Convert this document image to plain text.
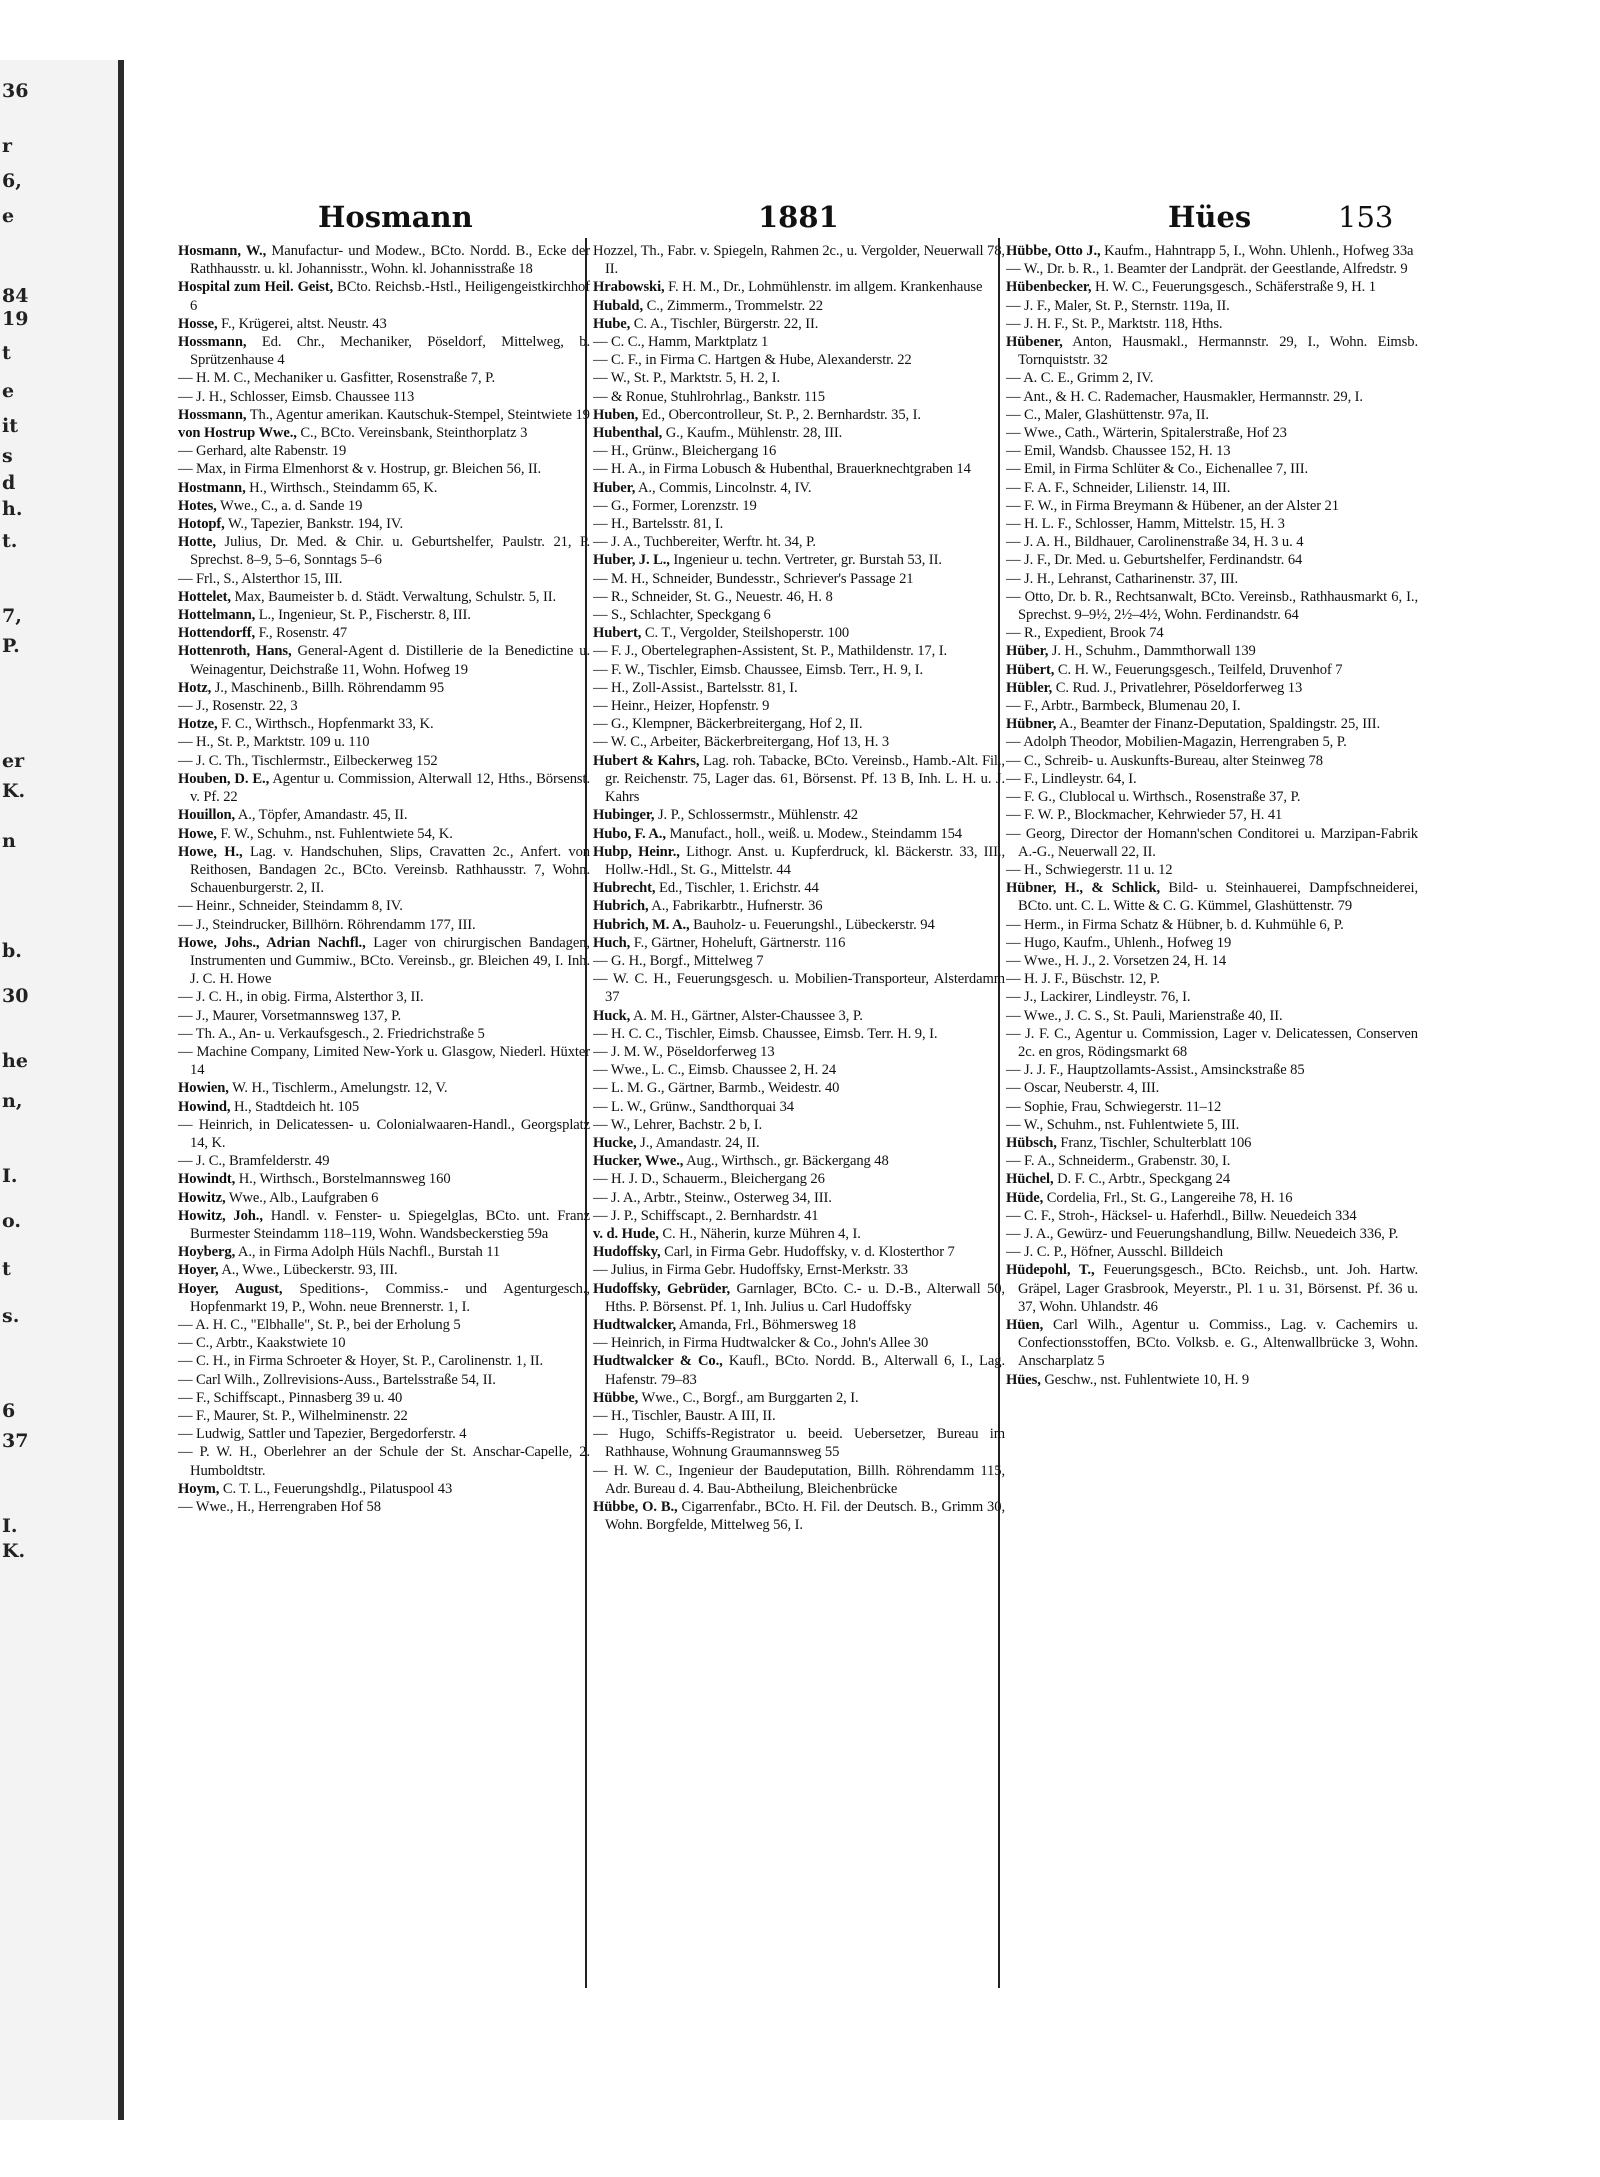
36
r
6,
e
84
19
t
e
it
s
d
h.
t.
7,
P.
er
K.
n
b.
30
he
n,
I.
o.
t
s.
6
37
I.
K.
Hosmann	1881	Hües	153

Hosmann, W., Manufactur- und Modew., BCto. Nordd. B., Ecke der Rathhausstr. u. kl. Johannisstr., Wohn. kl. Johannisstraße 18

Hospital zum Heil. Geist, BCto. Reichsb.-Hstl., Heiligengeistkirchhof 6

Hosse, F., Krügerei, altst. Neustr. 43

Hossmann, Ed. Chr., Mechaniker, Pöseldorf, Mittelweg, b. Sprützenhause 4

— H. M. C., Mechaniker u. Gasfitter, Rosenstraße 7, P.

— J. H., Schlosser, Eimsb. Chaussee 113

Hossmann, Th., Agentur amerikan. Kautschuk-Stempel, Steintwiete 19

von Hostrup Wwe., C., BCto. Vereinsbank, Steinthorplatz 3

— Gerhard, alte Rabenstr. 19

— Max, in Firma Elmenhorst & v. Hostrup, gr. Bleichen 56, II.

Hostmann, H., Wirthsch., Steindamm 65, K.

Hotes, Wwe., C., a. d. Sande 19

Hotopf, W., Tapezier, Bankstr. 194, IV.

Hotte, Julius, Dr. Med. & Chir. u. Geburtshelfer, Paulstr. 21, P. Sprechst. 8–9, 5–6, Sonntags 5–6

— Frl., S., Alsterthor 15, III.

Hottelet, Max, Baumeister b. d. Städt. Verwaltung, Schulstr. 5, II.

Hottelmann, L., Ingenieur, St. P., Fischerstr. 8, III.

Hottendorff, F., Rosenstr. 47

Hottenroth, Hans, General-Agent d. Distillerie de la Benedictine u. Weinagentur, Deichstraße 11, Wohn. Hofweg 19

Hotz, J., Maschinenb., Billh. Röhrendamm 95

— J., Rosenstr. 22, 3

Hotze, F. C., Wirthsch., Hopfenmarkt 33, K.

— H., St. P., Marktstr. 109 u. 110

— J. C. Th., Tischlermstr., Eilbeckerweg 152

Houben, D. E., Agentur u. Commission, Alterwall 12, Hths., Börsenst. v. Pf. 22

Houillon, A., Töpfer, Amandastr. 45, II.

Howe, F. W., Schuhm., nst. Fuhlentwiete 54, K.

Howe, H., Lag. v. Handschuhen, Slips, Cravatten 2c., Anfert. von Reithosen, Bandagen 2c., BCto. Vereinsb. Rathhausstr. 7, Wohn. Schauenburgerstr. 2, II.

— Heinr., Schneider, Steindamm 8, IV.

— J., Steindrucker, Billhörn. Röhrendamm 177, III.

Howe, Johs., Adrian Nachfl., Lager von chirurgischen Bandagen, Instrumenten und Gummiw., BCto. Vereinsb., gr. Bleichen 49, I. Inh. J. C. H. Howe

— J. C. H., in obig. Firma, Alsterthor 3, II.

— J., Maurer, Vorsetmannsweg 137, P.

— Th. A., An- u. Verkaufsgesch., 2. Friedrichstraße 5

— Machine Company, Limited New-York u. Glasgow, Niederl. Hüxter 14

Howien, W. H., Tischlerm., Amelungstr. 12, V.

Howind, H., Stadtdeich ht. 105

— Heinrich, in Delicatessen- u. Colonialwaaren-Handl., Georgsplatz 14, K.

— J. C., Bramfelderstr. 49

Howindt, H., Wirthsch., Borstelmannsweg 160

Howitz, Wwe., Alb., Laufgraben 6

Howitz, Joh., Handl. v. Fenster- u. Spiegelglas, BCto. unt. Franz Burmester Steindamm 118–119, Wohn. Wandsbeckerstieg 59a

Hoyberg, A., in Firma Adolph Hüls Nachfl., Burstah 11

Hoyer, A., Wwe., Lübeckerstr. 93, III.

Hoyer, August, Speditions-, Commiss.- und Agenturgesch., Hopfenmarkt 19, P., Wohn. neue Brennerstr. 1, I.

— A. H. C., "Elbhalle", St. P., bei der Erholung 5

— C., Arbtr., Kaakstwiete 10

— C. H., in Firma Schroeter & Hoyer, St. P., Carolinenstr. 1, II.

— Carl Wilh., Zollrevisions-Auss., Bartelsstraße 54, II.

— F., Schiffscapt., Pinnasberg 39 u. 40

— F., Maurer, St. P., Wilhelminenstr. 22

— Ludwig, Sattler und Tapezier, Bergedorferstr. 4

— P. W. H., Oberlehrer an der Schule der St. Anschar-Capelle, 2. Humboldtstr.

Hoym, C. T. L., Feuerungshdlg., Pilatuspool 43

— Wwe., H., Herrengraben Hof 58

Hozzel, Th., Fabr. v. Spiegeln, Rahmen 2c., u. Vergolder, Neuerwall 78, II.

Hrabowski, F. H. M., Dr., Lohmühlenstr. im allgem. Krankenhause

Hubald, C., Zimmerm., Trommelstr. 22

Hube, C. A., Tischler, Bürgerstr. 22, II.

— C. C., Hamm, Marktplatz 1

— C. F., in Firma C. Hartgen & Hube, Alexanderstr. 22

— W., St. P., Marktstr. 5, H. 2, I.

— & Ronue, Stuhlrohrlag., Bankstr. 115

Huben, Ed., Obercontrolleur, St. P., 2. Bernhardstr. 35, I.

Hubenthal, G., Kaufm., Mühlenstr. 28, III.

— H., Grünw., Bleichergang 16

— H. A., in Firma Lobusch & Hubenthal, Brauerknechtgraben 14

Huber, A., Commis, Lincolnstr. 4, IV.

— G., Former, Lorenzstr. 19

— H., Bartelsstr. 81, I.

— J. A., Tuchbereiter, Werftr. ht. 34, P.

Huber, J. L., Ingenieur u. techn. Vertreter, gr. Burstah 53, II.

— M. H., Schneider, Bundesstr., Schriever's Passage 21

— R., Schneider, St. G., Neuestr. 46, H. 8

— S., Schlachter, Speckgang 6

Hubert, C. T., Vergolder, Steilshoperstr. 100

— F. J., Obertelegraphen-Assistent, St. P., Mathildenstr. 17, I.

— F. W., Tischler, Eimsb. Chaussee, Eimsb. Terr., H. 9, I.

— H., Zoll-Assist., Bartelsstr. 81, I.

— Heinr., Heizer, Hopfenstr. 9

— G., Klempner, Bäckerbreitergang, Hof 2, II.

— W. C., Arbeiter, Bäckerbreitergang, Hof 13, H. 3

Hubert & Kahrs, Lag. roh. Tabacke, BCto. Vereinsb., Hamb.-Alt. Fil., gr. Reichenstr. 75, Lager das. 61, Börsenst. Pf. 13 B, Inh. L. H. u. J. Kahrs

Hubinger, J. P., Schlossermstr., Mühlenstr. 42

Hubo, F. A., Manufact., holl., weiß. u. Modew., Steindamm 154

Hubp, Heinr., Lithogr. Anst. u. Kupferdruck, kl. Bäckerstr. 33, III., Hollw.-Hdl., St. G., Mittelstr. 44

Hubrecht, Ed., Tischler, 1. Erichstr. 44

Hubrich, A., Fabrikarbtr., Hufnerstr. 36

Hubrich, M. A., Bauholz- u. Feuerungshl., Lübeckerstr. 94

Huch, F., Gärtner, Hoheluft, Gärtnerstr. 116

— G. H., Borgf., Mittelweg 7

— W. C. H., Feuerungsgesch. u. Mobilien-Transporteur, Alsterdamm 37

Huck, A. M. H., Gärtner, Alster-Chaussee 3, P.

— H. C. C., Tischler, Eimsb. Chaussee, Eimsb. Terr. H. 9, I.

— J. M. W., Pöseldorferweg 13

— Wwe., L. C., Eimsb. Chaussee 2, H. 24

— L. M. G., Gärtner, Barmb., Weidestr. 40

— L. W., Grünw., Sandthorquai 34

— W., Lehrer, Bachstr. 2 b, I.

Hucke, J., Amandastr. 24, II.

Hucker, Wwe., Aug., Wirthsch., gr. Bäckergang 48

— H. J. D., Schauerm., Bleichergang 26

— J. A., Arbtr., Steinw., Osterweg 34, III.

— J. P., Schiffscapt., 2. Bernhardstr. 41

v. d. Hude, C. H., Näherin, kurze Mühren 4, I.

Hudoffsky, Carl, in Firma Gebr. Hudoffsky, v. d. Klosterthor 7

— Julius, in Firma Gebr. Hudoffsky, Ernst-Merkstr. 33

Hudoffsky, Gebrüder, Garnlager, BCto. C.- u. D.-B., Alterwall 50, Hths. P. Börsenst. Pf. 1, Inh. Julius u. Carl Hudoffsky

Hudtwalcker, Amanda, Frl., Böhmersweg 18

— Heinrich, in Firma Hudtwalcker & Co., John's Allee 30

Hudtwalcker & Co., Kaufl., BCto. Nordd. B., Alterwall 6, I., Lag. Hafenstr. 79–83

Hübbe, Wwe., C., Borgf., am Burggarten 2, I.

— H., Tischler, Baustr. A III, II.

— Hugo, Schiffs-Registrator u. beeid. Uebersetzer, Bureau im Rathhause, Wohnung Graumannsweg 55

— H. W. C., Ingenieur der Baudeputation, Billh. Röhrendamm 115, Adr. Bureau d. 4. Bau-Abtheilung, Bleichenbrücke

Hübbe, O. B., Cigarrenfabr., BCto. H. Fil. der Deutsch. B., Grimm 30, Wohn. Borgfelde, Mittelweg 56, I.

Hübbe, Otto J., Kaufm., Hahntrapp 5, I., Wohn. Uhlenh., Hofweg 33a

— W., Dr. b. R., 1. Beamter der Landprät. der Geestlande, Alfredstr. 9

Hübenbecker, H. W. C., Feuerungsgesch., Schäferstraße 9, H. 1

— J. F., Maler, St. P., Sternstr. 119a, II.

— J. H. F., St. P., Marktstr. 118, Hths.

Hübener, Anton, Hausmakl., Hermannstr. 29, I., Wohn. Eimsb. Tornquiststr. 32

— A. C. E., Grimm 2, IV.

— Ant., & H. C. Rademacher, Hausmakler, Hermannstr. 29, I.

— C., Maler, Glashüttenstr. 97a, II.

— Wwe., Cath., Wärterin, Spitalerstraße, Hof 23

— Emil, Wandsb. Chaussee 152, H. 13

— Emil, in Firma Schlüter & Co., Eichenallee 7, III.

— F. A. F., Schneider, Lilienstr. 14, III.

— F. W., in Firma Breymann & Hübener, an der Alster 21

— H. L. F., Schlosser, Hamm, Mittelstr. 15, H. 3

— J. A. H., Bildhauer, Carolinenstraße 34, H. 3 u. 4

— J. F., Dr. Med. u. Geburtshelfer, Ferdinandstr. 64

— J. H., Lehranst, Catharinenstr. 37, III.

— Otto, Dr. b. R., Rechtsanwalt, BCto. Vereinsb., Rathhausmarkt 6, I., Sprechst. 9–9½, 2½–4½, Wohn. Ferdinandstr. 64

— R., Expedient, Brook 74

Hüber, J. H., Schuhm., Dammthorwall 139

Hübert, C. H. W., Feuerungsgesch., Teilfeld, Druvenhof 7

Hübler, C. Rud. J., Privatlehrer, Pöseldorferweg 13

— F., Arbtr., Barmbeck, Blumenau 20, I.

Hübner, A., Beamter der Finanz-Deputation, Spaldingstr. 25, III.

— Adolph Theodor, Mobilien-Magazin, Herrengraben 5, P.

— C., Schreib- u. Auskunfts-Bureau, alter Steinweg 78

— F., Lindleystr. 64, I.

— F. G., Clublocal u. Wirthsch., Rosenstraße 37, P.

— F. W. P., Blockmacher, Kehrwieder 57, H. 41

— Georg, Director der Homann'schen Conditorei u. Marzipan-Fabrik A.-G., Neuerwall 22, II.

— H., Schwiegerstr. 11 u. 12

Hübner, H., & Schlick, Bild- u. Steinhauerei, Dampfschneiderei, BCto. unt. C. L. Witte & C. G. Kümmel, Glashüttenstr. 79

— Herm., in Firma Schatz & Hübner, b. d. Kuhmühle 6, P.

— Hugo, Kaufm., Uhlenh., Hofweg 19

— Wwe., H. J., 2. Vorsetzen 24, H. 14

— H. J. F., Büschstr. 12, P.

— J., Lackirer, Lindleystr. 76, I.

— Wwe., J. C. S., St. Pauli, Marienstraße 40, II.

— J. F. C., Agentur u. Commission, Lager v. Delicatessen, Conserven 2c. en gros, Rödingsmarkt 68

— J. J. F., Hauptzollamts-Assist., Amsinckstraße 85

— Oscar, Neuberstr. 4, III.

— Sophie, Frau, Schwiegerstr. 11–12

— W., Schuhm., nst. Fuhlentwiete 5, III.

Hübsch, Franz, Tischler, Schulterblatt 106

— F. A., Schneiderm., Grabenstr. 30, I.

Hüchel, D. F. C., Arbtr., Speckgang 24

Hüde, Cordelia, Frl., St. G., Langereihe 78, H. 16

— C. F., Stroh-, Häcksel- u. Haferhdl., Billw. Neuedeich 334

— J. A., Gewürz- und Feuerungshandlung, Billw. Neuedeich 336, P.

— J. C. P., Höfner, Ausschl. Billdeich

Hüdepohl, T., Feuerungsgesch., BCto. Reichsb., unt. Joh. Hartw. Gräpel, Lager Grasbrook, Meyerstr., Pl. 1 u. 31, Börsenst. Pf. 36 u. 37, Wohn. Uhlandstr. 46

Hüen, Carl Wilh., Agentur u. Commiss., Lag. v. Cachemirs u. Confectionsstoffen, BCto. Volksb. e. G., Altenwallbrücke 3, Wohn. Anscharplatz 5

Hües, Geschw., nst. Fuhlentwiete 10, H. 9
